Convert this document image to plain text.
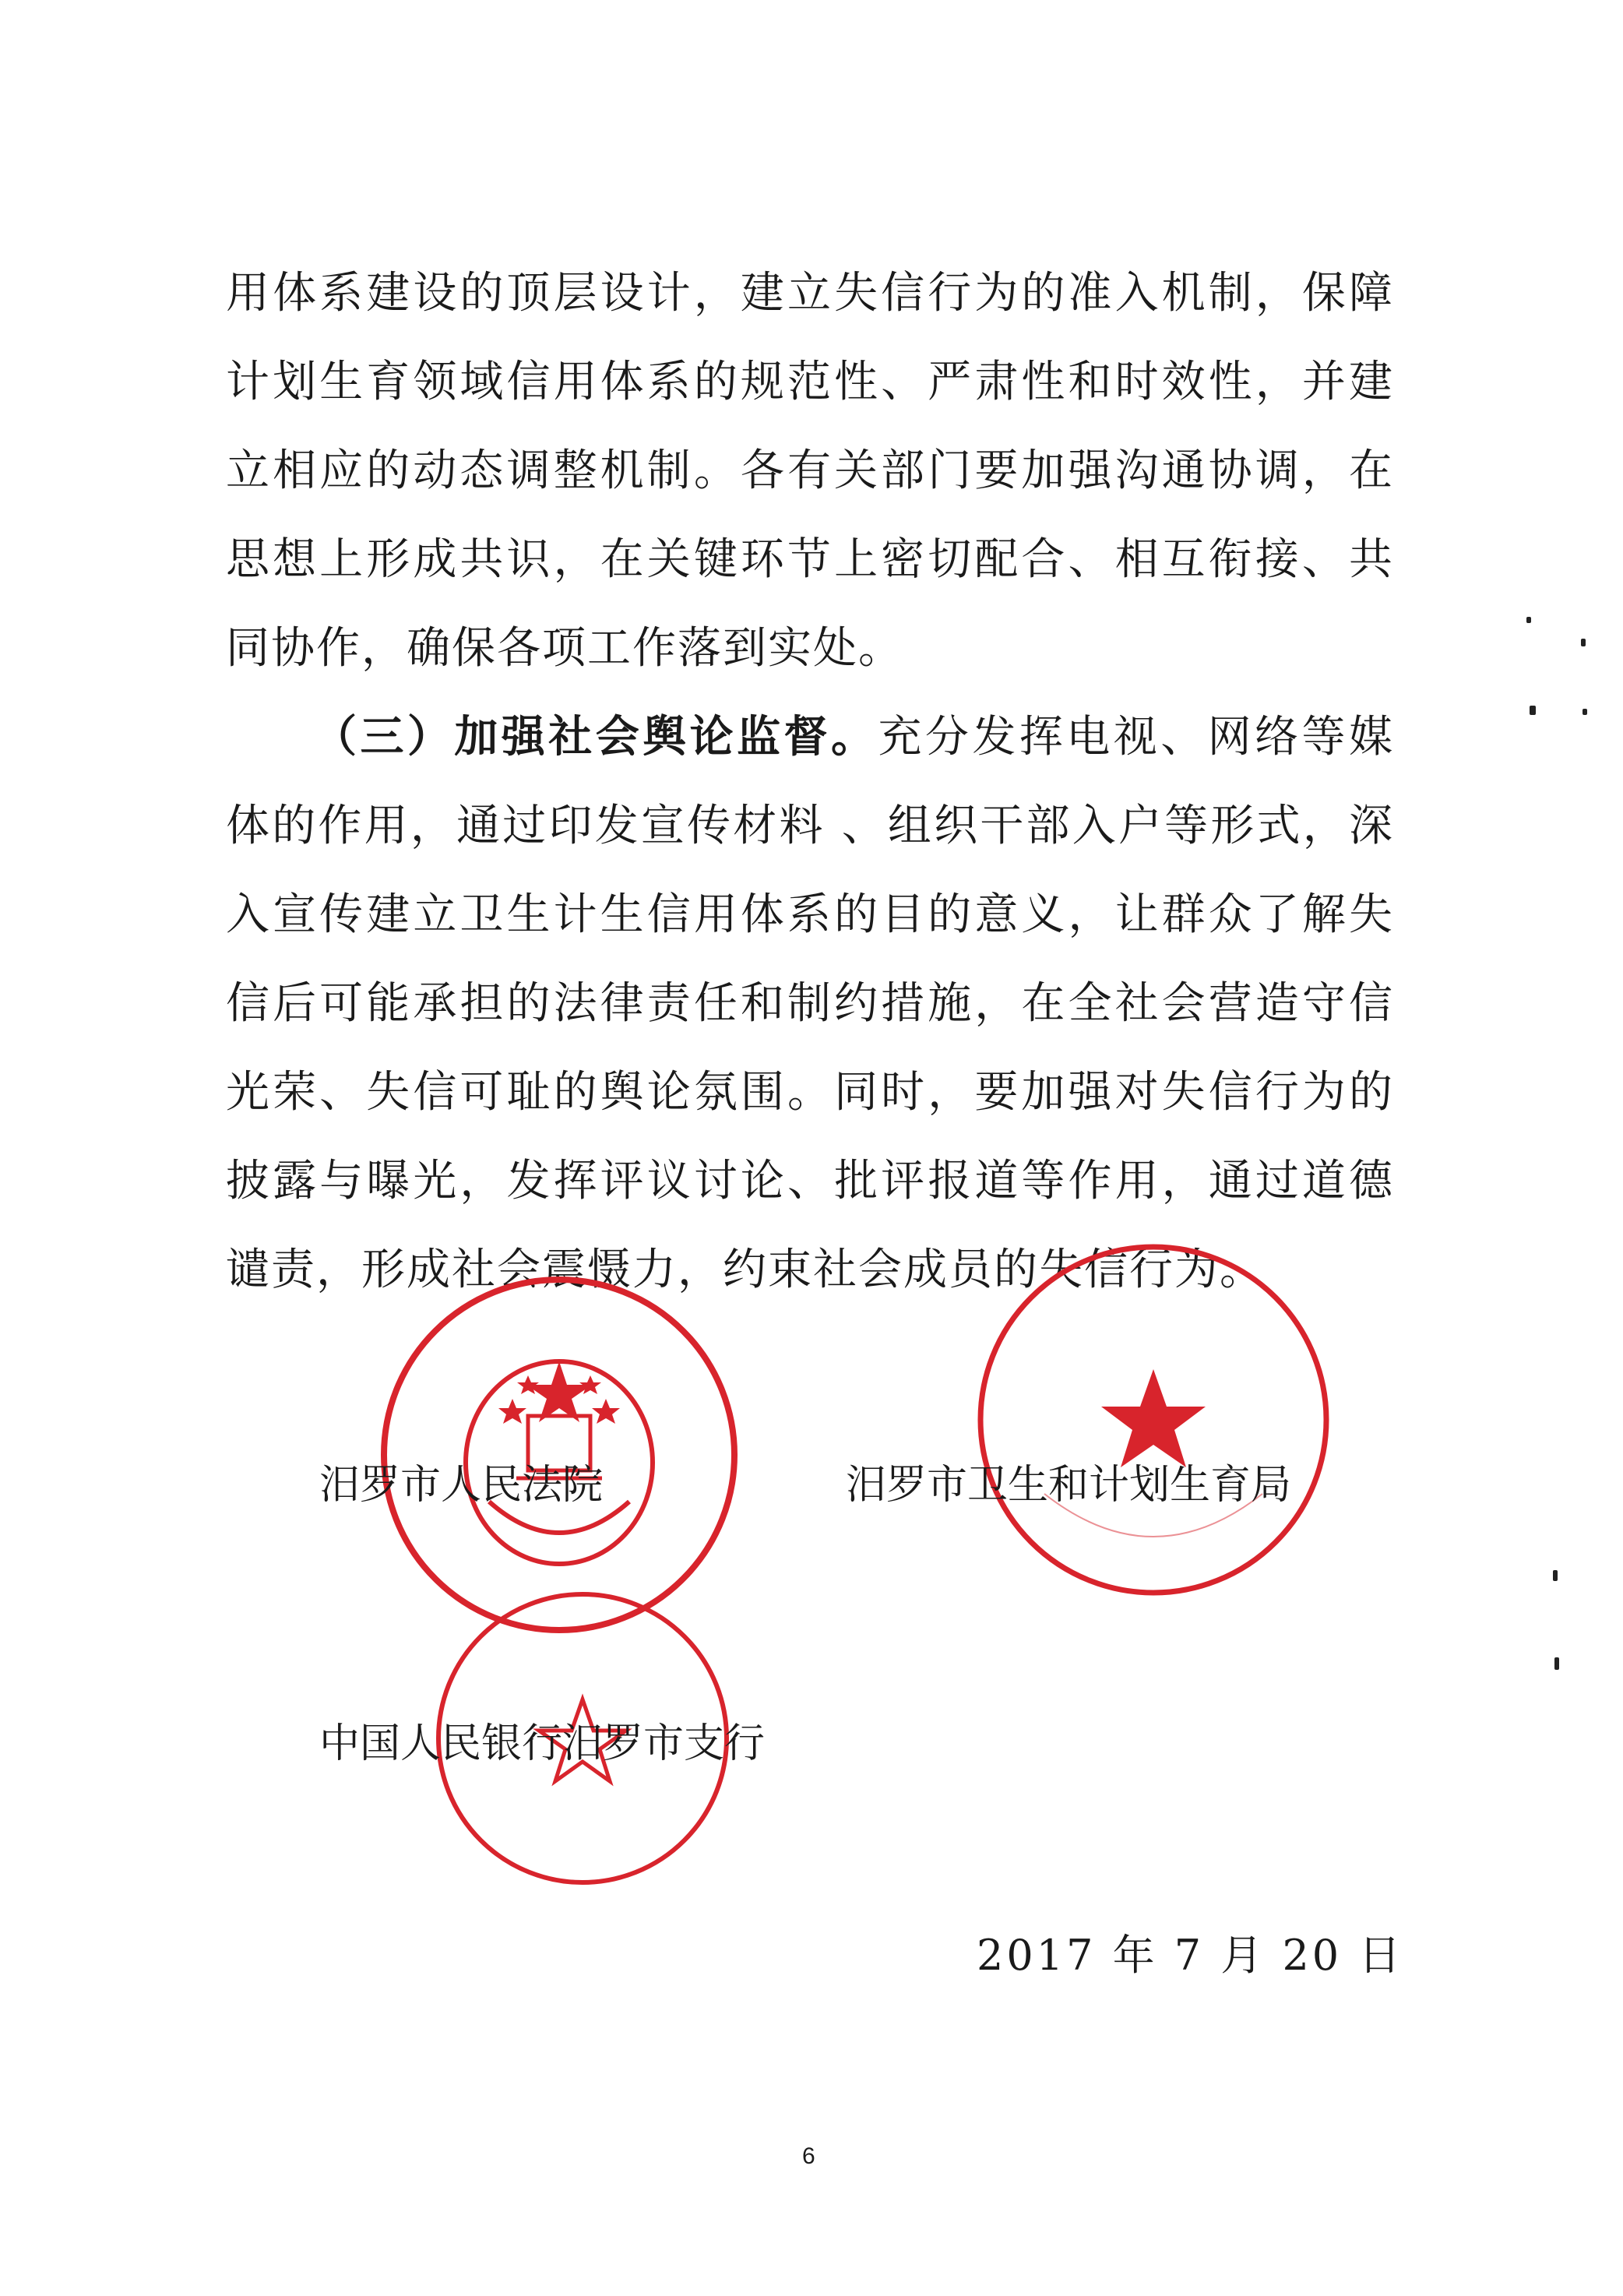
用体系建设的顶层设计，建立失信行为的准入机制，保障计划生育领域信用体系的规范性、严肃性和时效性，并建立相应的动态调整机制。各有关部门要加强沟通协调，在思想上形成共识，在关键环节上密切配合、相互衔接、共同协作，确保各项工作落到实处。

（三）加强社会舆论监督。充分发挥电视、网络等媒体的作用，通过印发宣传材料 、组织干部入户等形式，深入宣传建立卫生计生信用体系的目的意义，让群众了解失信后可能承担的法律责任和制约措施，在全社会营造守信光荣、失信可耻的舆论氛围。同时，要加强对失信行为的披露与曝光，发挥评议讨论、批评报道等作用，通过道德谴责，形成社会震慑力，约束社会成员的失信行为。

汨罗市人民法院	汨罗市卫生和计划生育局
中国人民银行汨罗市支行
2017 年 7 月 20 日
6
